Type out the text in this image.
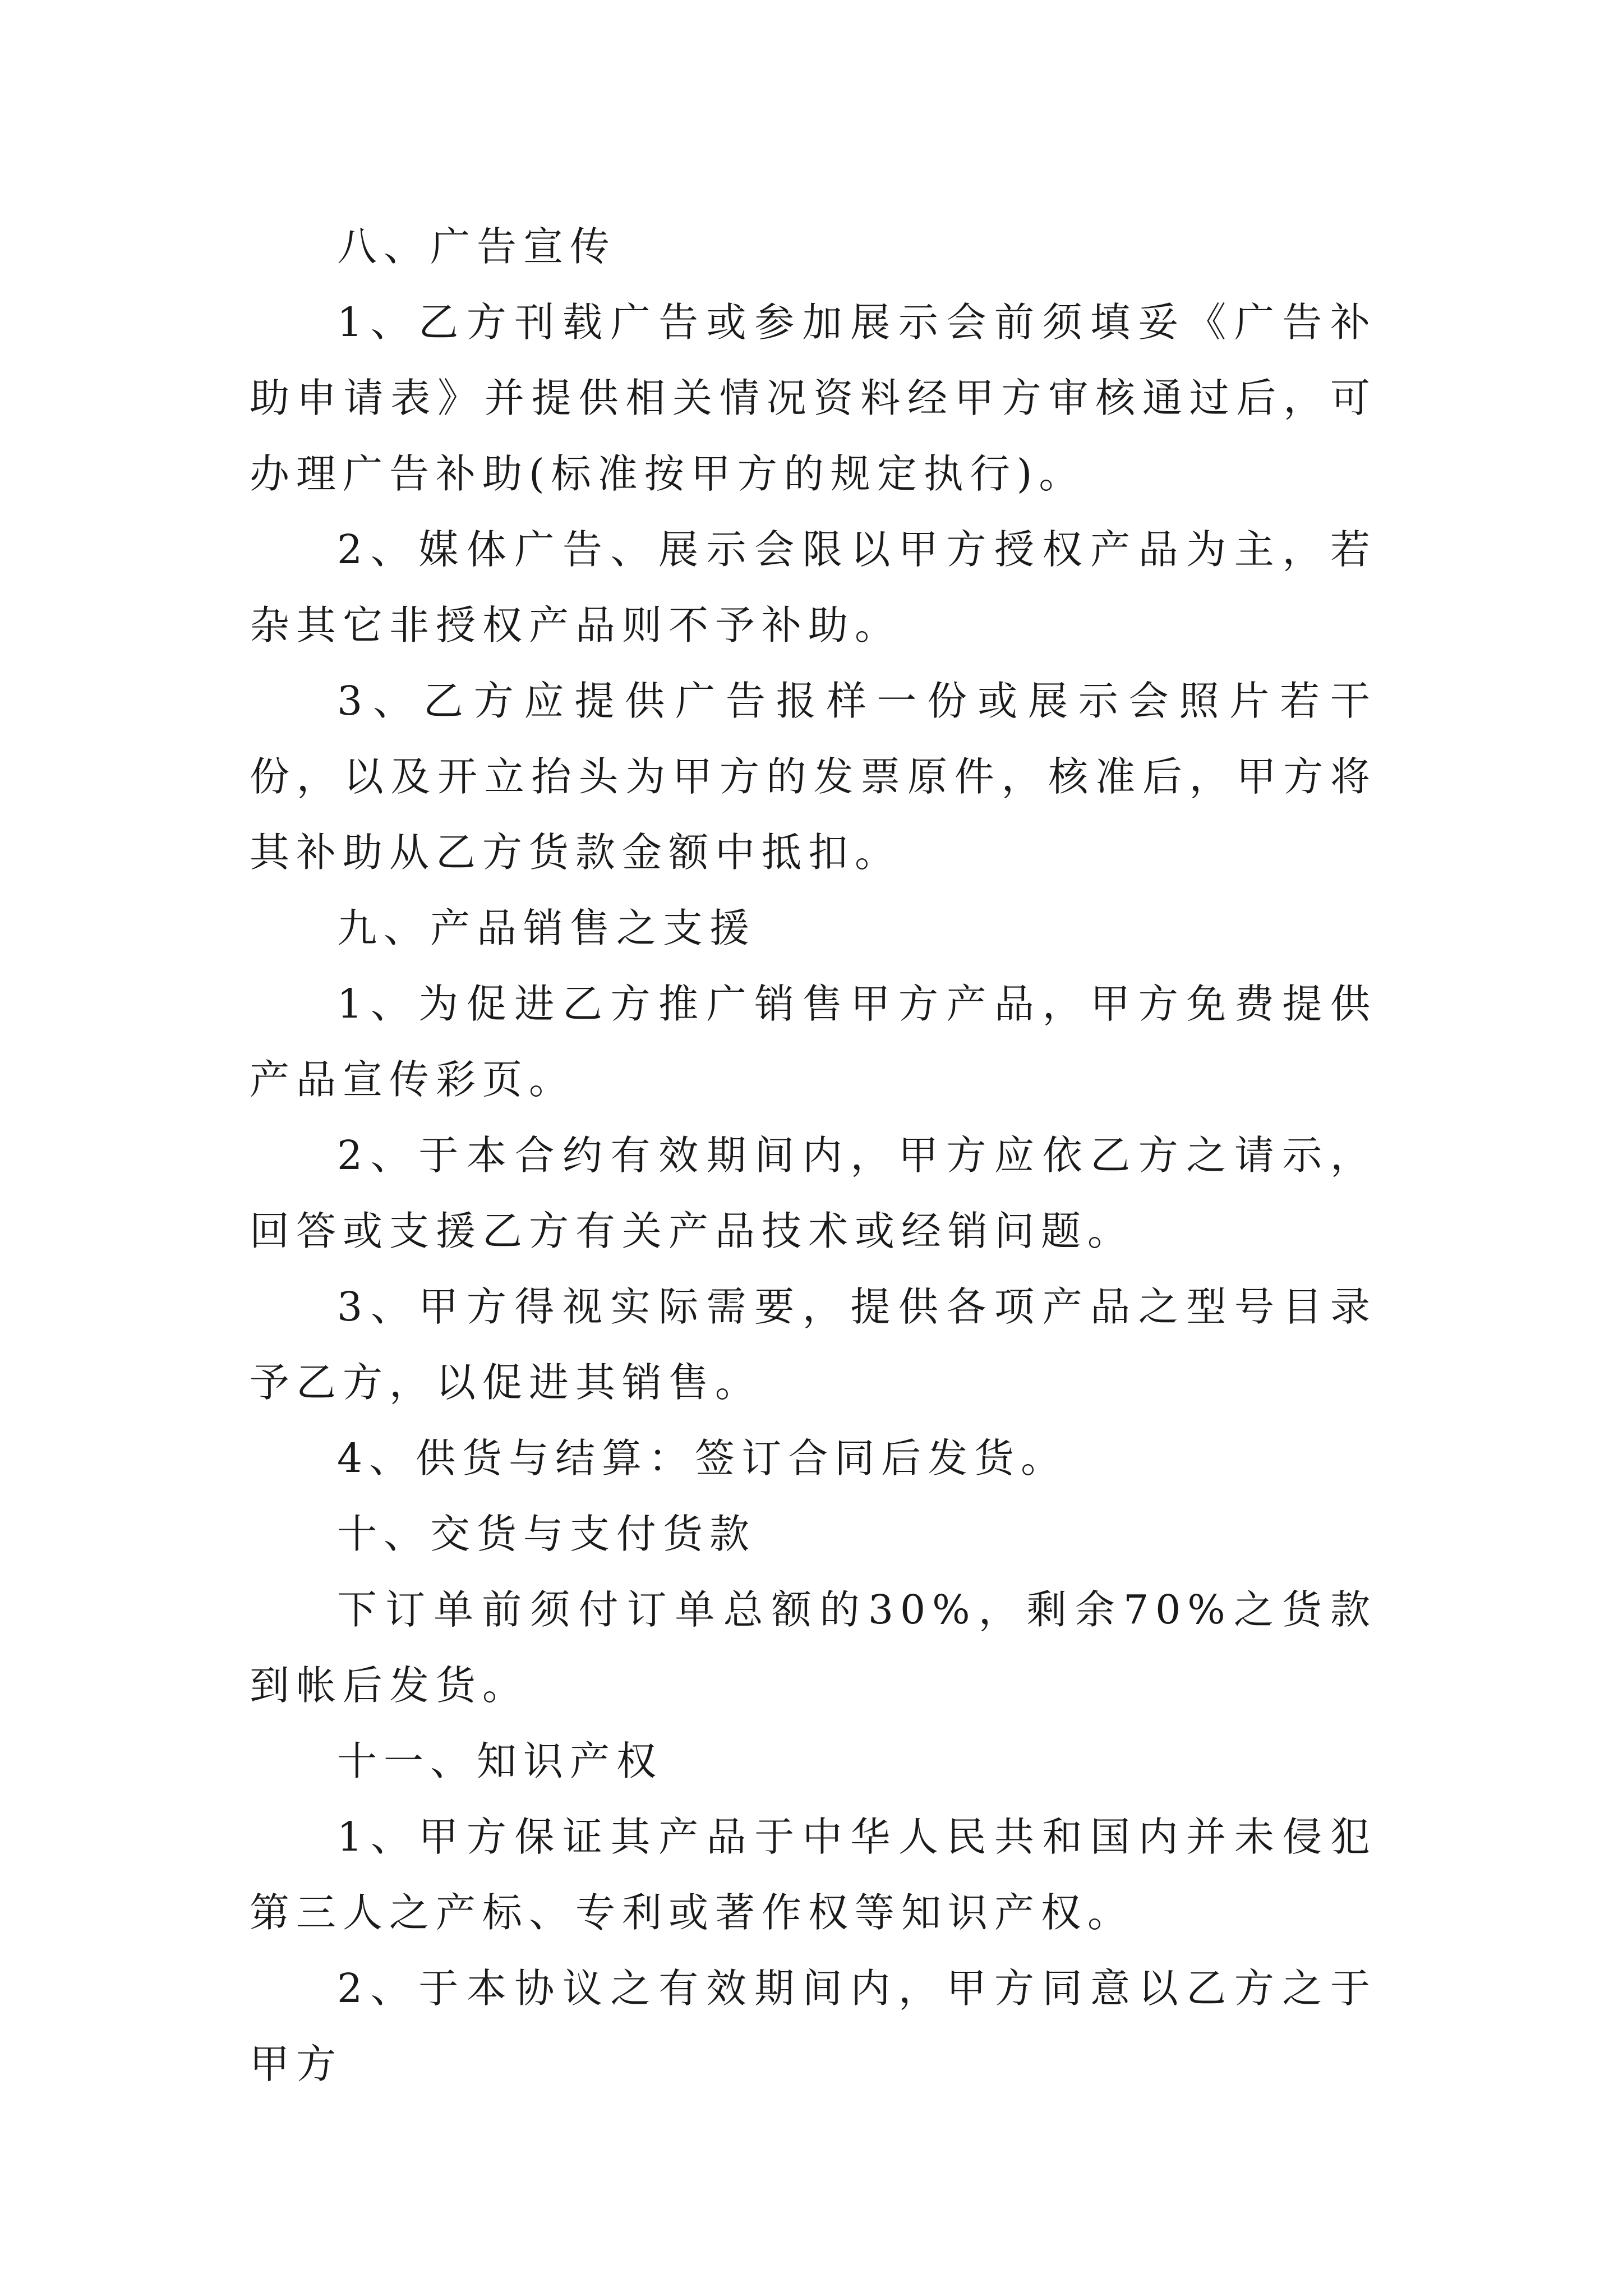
八、广告宣传

1、乙方刊载广告或参加展示会前须填妥《广告补助申请表》并提供相关情况资料经甲方审核通过后，可办理广告补助(标准按甲方的规定执行)。

2、媒体广告、展示会限以甲方授权产品为主，若杂其它非授权产品则不予补助。

3、乙方应提供广告报样一份或展示会照片若干份，以及开立抬头为甲方的发票原件，核准后，甲方将其补助从乙方货款金额中抵扣。

九、产品销售之支援

1、为促进乙方推广销售甲方产品，甲方免费提供产品宣传彩页。

2、于本合约有效期间内，甲方应依乙方之请示，回答或支援乙方有关产品技术或经销问题。

3、甲方得视实际需要，提供各项产品之型号目录予乙方，以促进其销售。

4、供货与结算：签订合同后发货。

十、交货与支付货款

下订单前须付订单总额的30%，剩余70%之货款到帐后发货。

十一、知识产权

1、甲方保证其产品于中华人民共和国内并未侵犯第三人之产标、专利或著作权等知识产权。

2、于本协议之有效期间内，甲方同意以乙方之于甲方
